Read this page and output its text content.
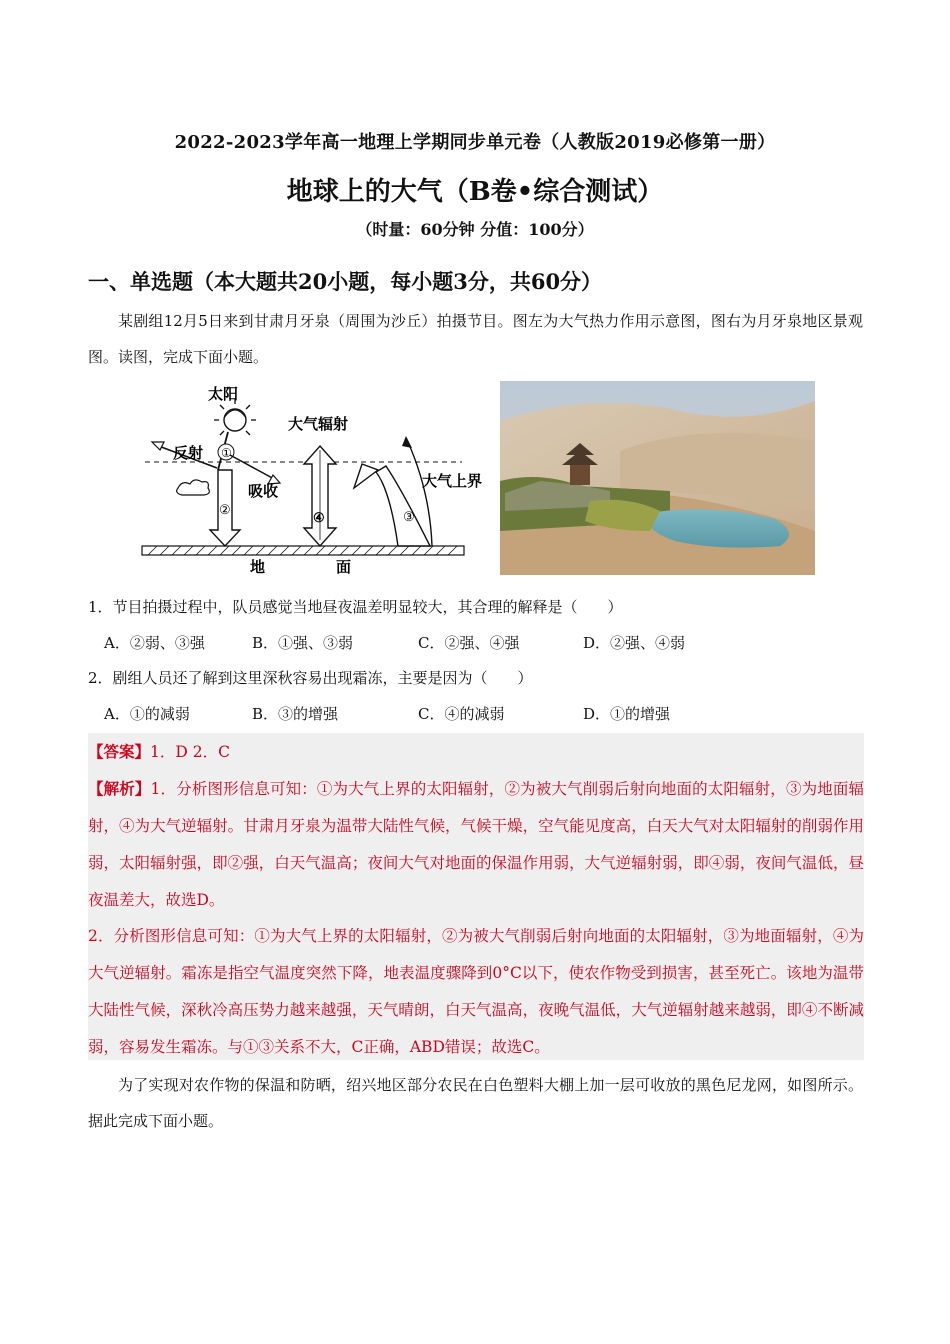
2022-2023学年高一地理上学期同步单元卷（人教版2019必修第一册）
地球上的大气（B卷•综合测试）
（时量：60分钟 分值：100分）
一、单选题（本大题共20小题，每小题3分，共60分）
某剧组12月5日来到甘肃月牙泉（周围为沙丘）拍摄节目。图左为大气热力作用示意图，图右为月牙泉地区景观图。读图，完成下面小题。
太阳
①
反射
吸收
②
④
大气辐射
③
大气上界
地	面
1．节目拍摄过程中，队员感觉当地昼夜温差明显较大，其合理的解释是（　　）
A．②弱、③强	B．①强、③弱	C．②强、④强	D．②强、④弱
2．剧组人员还了解到这里深秋容易出现霜冻，主要是因为（　　）
A．①的减弱	B．③的增强	C．④的减弱	D．①的增强
【答案】1．D 2．C
【解析】1．分析图形信息可知：①为大气上界的太阳辐射，②为被大气削弱后射向地面的太阳辐射，③为地面辐射，④为大气逆辐射。甘肃月牙泉为温带大陆性气候，气候干燥，空气能见度高，白天大气对太阳辐射的削弱作用弱，太阳辐射强，即②强，白天气温高；夜间大气对地面的保温作用弱，大气逆辐射弱，即④弱，夜间气温低，昼夜温差大，故选D。
2．分析图形信息可知：①为大气上界的太阳辐射，②为被大气削弱后射向地面的太阳辐射，③为地面辐射，④为大气逆辐射。霜冻是指空气温度突然下降，地表温度骤降到0°C以下，使农作物受到损害，甚至死亡。该地为温带大陆性气候，深秋冷高压势力越来越强，天气晴朗，白天气温高，夜晚气温低，大气逆辐射越来越弱，即④不断减弱，容易发生霜冻。与①③关系不大，C正确，ABD错误；故选C。
为了实现对农作物的保温和防晒，绍兴地区部分农民在白色塑料大棚上加一层可收放的黑色尼龙网，如图所示。据此完成下面小题。
